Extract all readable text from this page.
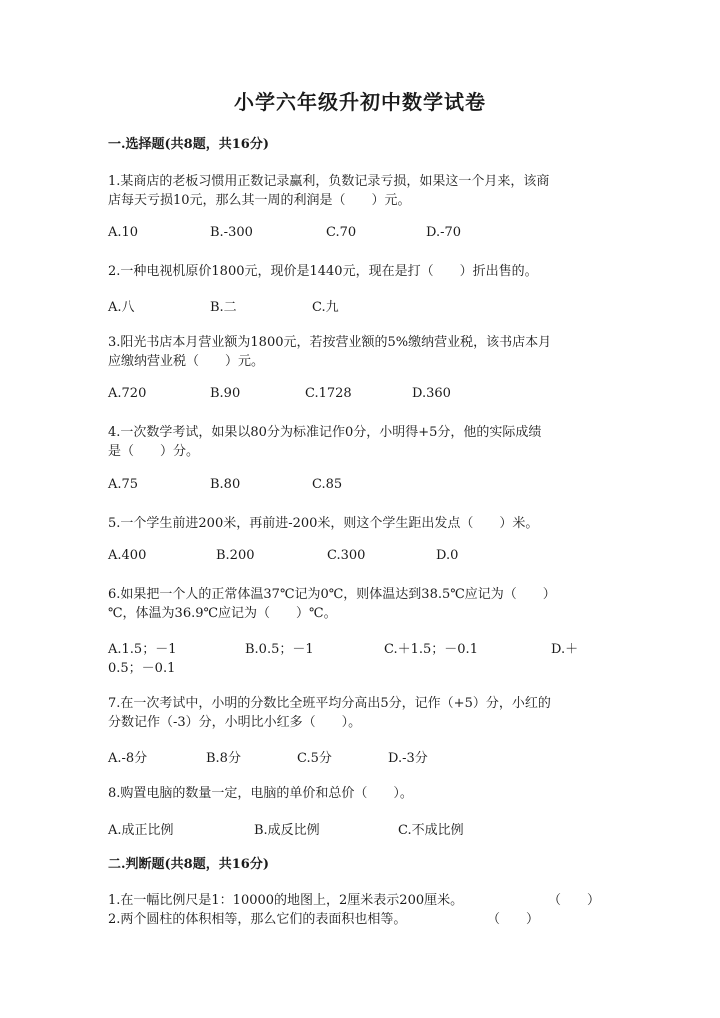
小学六年级升初中数学试卷
一.选择题(共8题，共16分)
1.某商店的老板习惯用正数记录赢利，负数记录亏损，如果这一个月来，该商
店每天亏损10元，那么其一周的利润是（　　）元。
A.10	B.-300	C.70	D.-70
2.一种电视机原价1800元，现价是1440元，现在是打（　　）折出售的。
A.八	B.二	C.九
3.阳光书店本月营业额为1800元，若按营业额的5%缴纳营业税，该书店本月
应缴纳营业税（　　）元。
A.720	B.90	C.1728	D.360
4.一次数学考试，如果以80分为标准记作0分，小明得+5分，他的实际成绩
是（　　）分。
A.75	B.80	C.85
5.一个学生前进200米，再前进-200米，则这个学生距出发点（　　）米。
A.400	B.200	C.300	D.0
6.如果把一个人的正常体温37℃记为0℃，则体温达到38.5℃应记为（　　）
℃，体温为36.9℃应记为（　　）℃。
A.1.5；－1	B.0.5；－1	C.＋1.5；－0.1	D.＋
0.5；－0.1
7.在一次考试中，小明的分数比全班平均分高出5分，记作（+5）分，小红的
分数记作（-3）分，小明比小红多（　　）。
A.-8分	B.8分	C.5分	D.-3分
8.购置电脑的数量一定，电脑的单价和总价（　　）。
A.成正比例	B.成反比例	C.不成比例
二.判断题(共8题，共16分)
1.在一幅比例尺是1：10000的地图上，2厘米表示200厘米。	（　　）
2.两个圆柱的体积相等，那么它们的表面积也相等。	（　　）
